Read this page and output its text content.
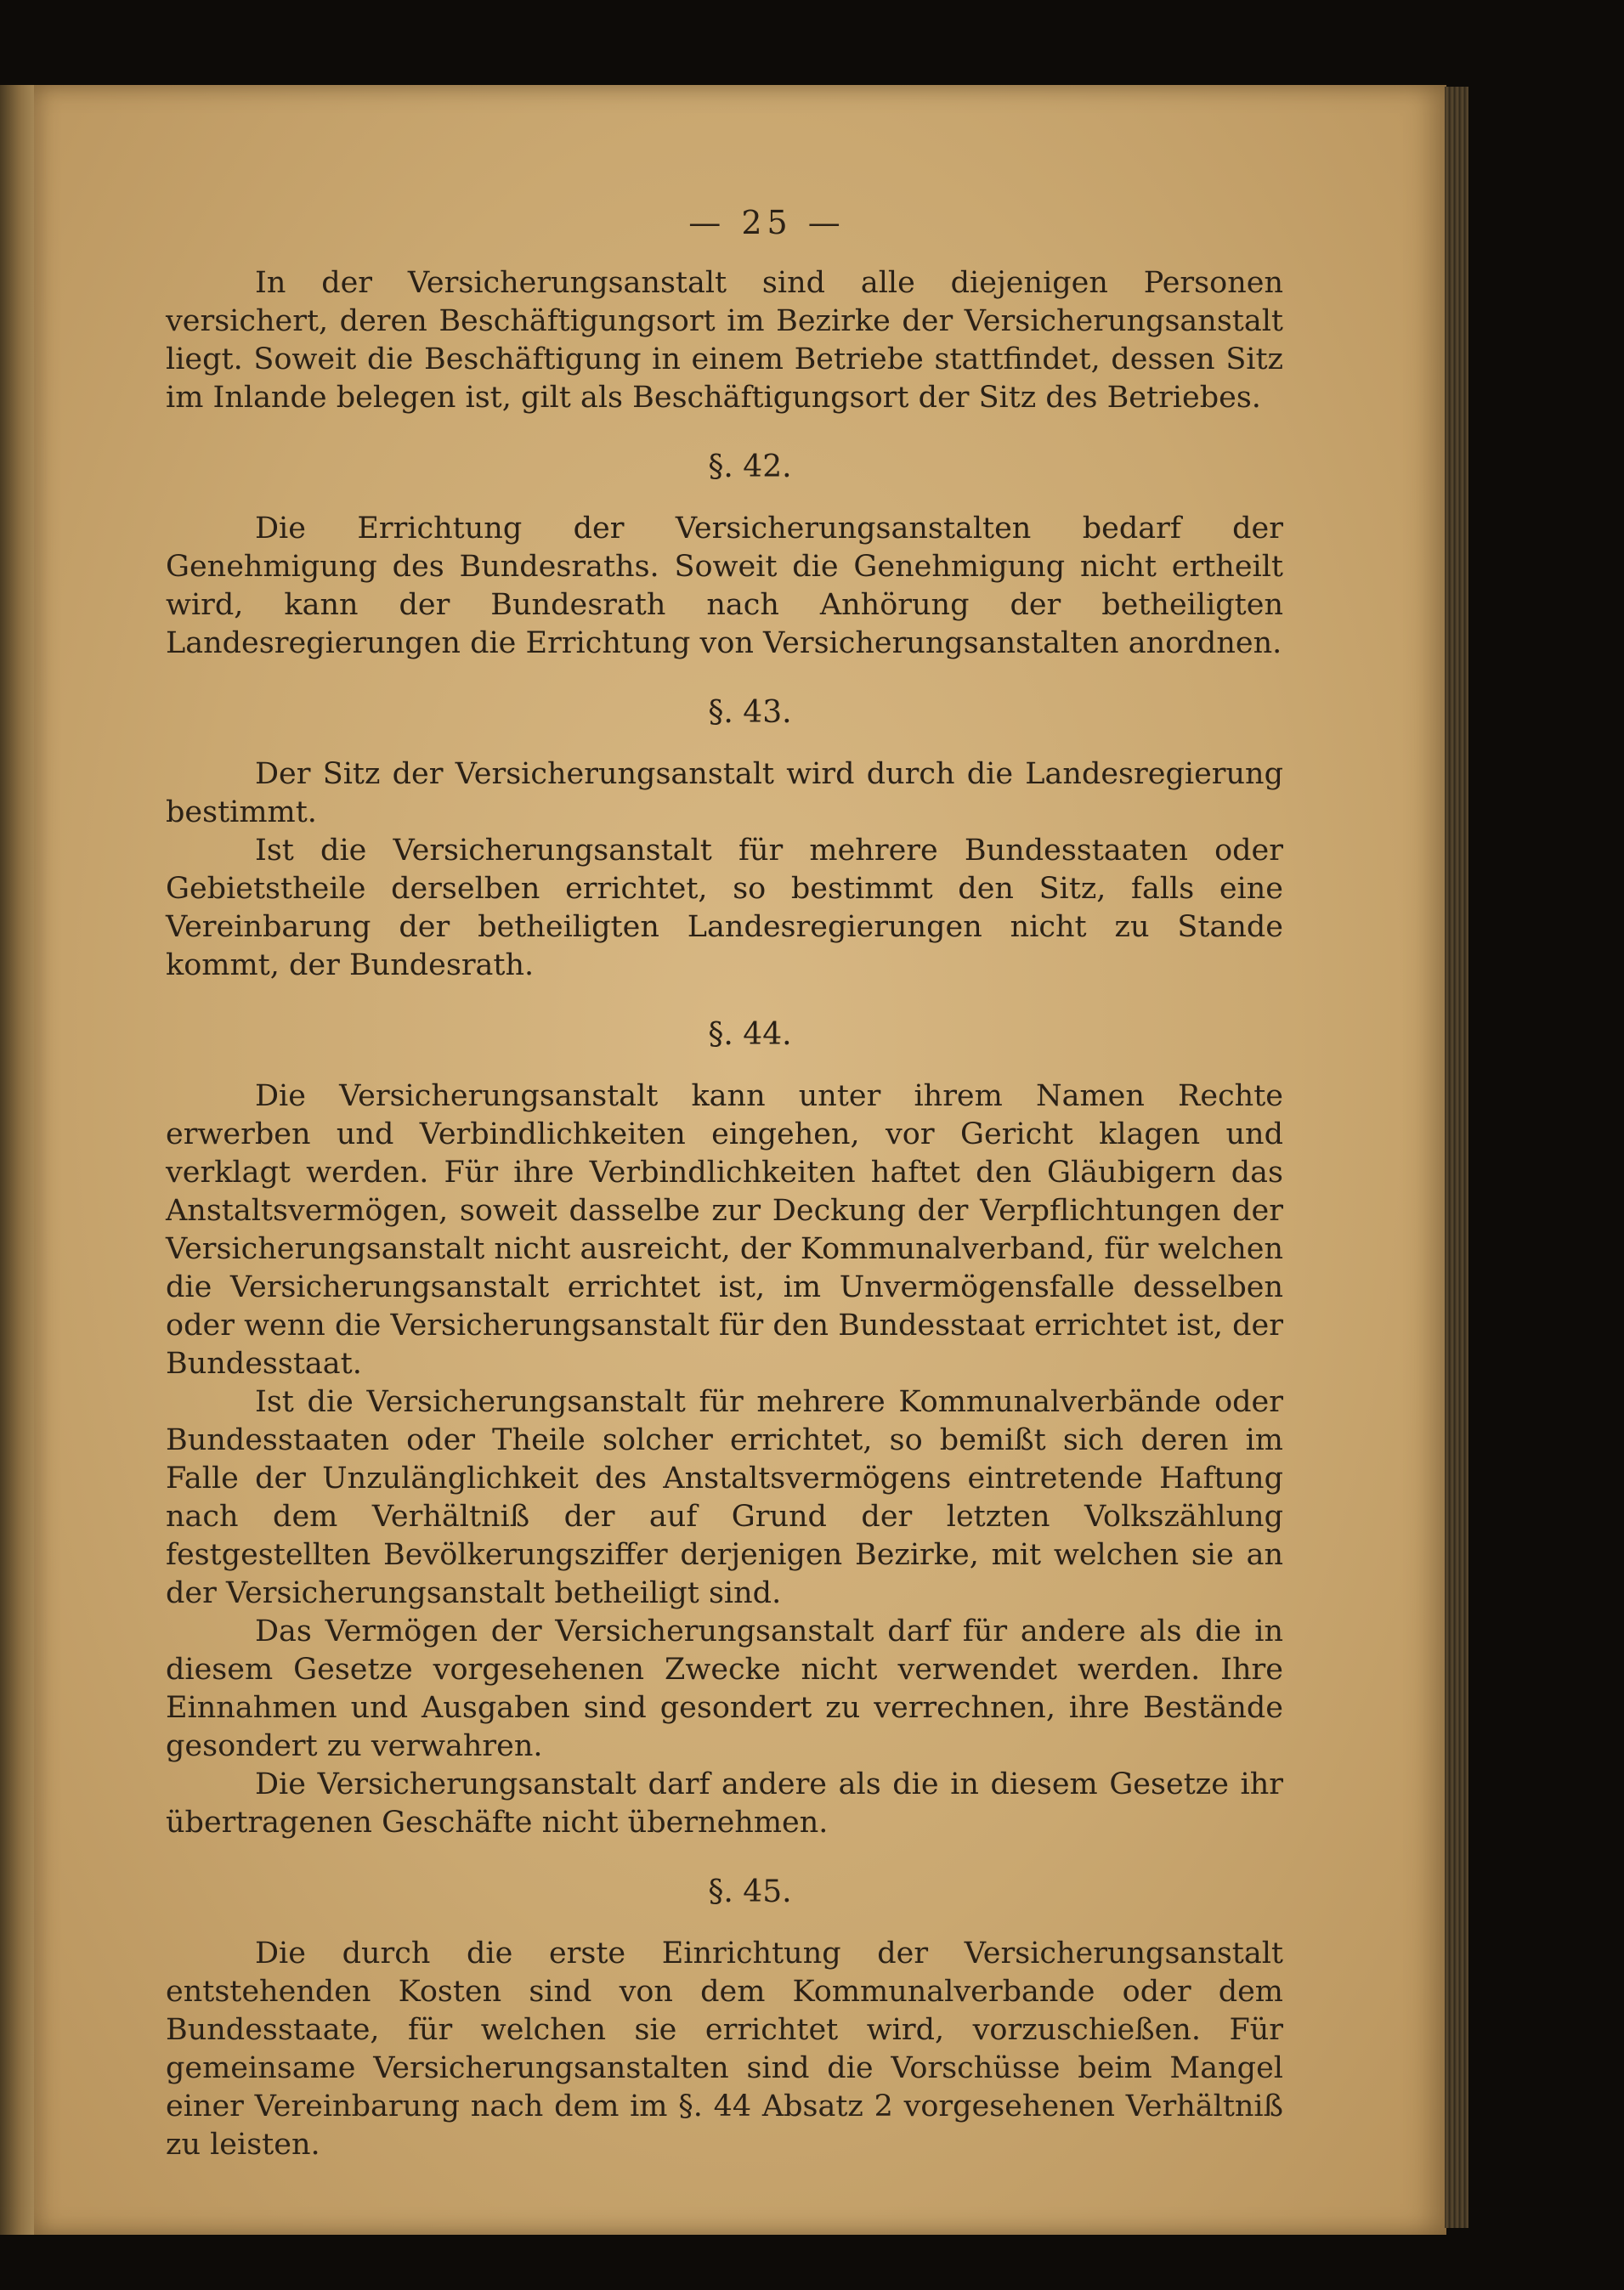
— 25 —

In der Versicherungsanstalt sind alle diejenigen Personen versichert, deren Beschäftigungsort im Bezirke der Versicherungsanstalt liegt. Soweit die Beschäftigung in einem Betriebe stattfindet, dessen Sitz im Inlande belegen ist, gilt als Beschäftigungsort der Sitz des Betriebes.

§. 42.

Die Errichtung der Versicherungsanstalten bedarf der Genehmigung des Bundesraths. Soweit die Genehmigung nicht ertheilt wird, kann der Bundesrath nach Anhörung der betheiligten Landesregierungen die Errichtung von Versicherungsanstalten anordnen.

§. 43.

Der Sitz der Versicherungsanstalt wird durch die Landesregierung bestimmt.

Ist die Versicherungsanstalt für mehrere Bundesstaaten oder Gebietstheile derselben errichtet, so bestimmt den Sitz, falls eine Vereinbarung der betheiligten Landesregierungen nicht zu Stande kommt, der Bundesrath.

§. 44.

Die Versicherungsanstalt kann unter ihrem Namen Rechte erwerben und Verbindlichkeiten eingehen, vor Gericht klagen und verklagt werden. Für ihre Verbindlichkeiten haftet den Gläubigern das Anstaltsvermögen, soweit dasselbe zur Deckung der Verpflichtungen der Versicherungsanstalt nicht ausreicht, der Kommunalverband, für welchen die Versicherungsanstalt errichtet ist, im Unvermögensfalle desselben oder wenn die Versicherungsanstalt für den Bundesstaat errichtet ist, der Bundesstaat.

Ist die Versicherungsanstalt für mehrere Kommunalverbände oder Bundesstaaten oder Theile solcher errichtet, so bemißt sich deren im Falle der Unzulänglichkeit des Anstaltsvermögens eintretende Haftung nach dem Verhältniß der auf Grund der letzten Volkszählung festgestellten Bevölkerungsziffer derjenigen Bezirke, mit welchen sie an der Versicherungsanstalt betheiligt sind.

Das Vermögen der Versicherungsanstalt darf für andere als die in diesem Gesetze vorgesehenen Zwecke nicht verwendet werden. Ihre Einnahmen und Ausgaben sind gesondert zu verrechnen, ihre Bestände gesondert zu verwahren.

Die Versicherungsanstalt darf andere als die in diesem Gesetze ihr übertragenen Geschäfte nicht übernehmen.

§. 45.

Die durch die erste Einrichtung der Versicherungsanstalt entstehenden Kosten sind von dem Kommunalverbande oder dem Bundesstaate, für welchen sie errichtet wird, vorzuschießen. Für gemeinsame Versicherungsanstalten sind die Vorschüsse beim Mangel einer Vereinbarung nach dem im §. 44 Absatz 2 vorgesehenen Verhältniß zu leisten.
